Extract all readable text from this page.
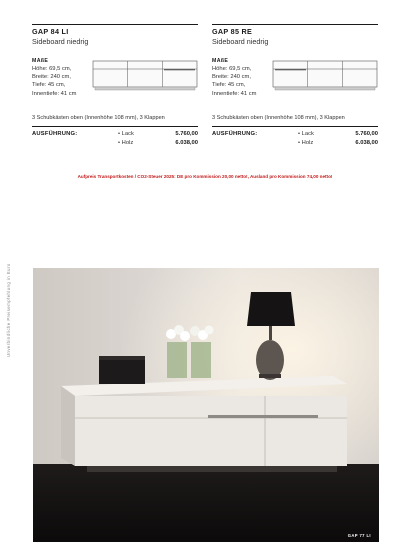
GAP 84 LI
Sideboard niedrig
MAßE
Höhe: 69,5 cm,
Breite: 240 cm,
Tiefe: 45 cm,
Innentiefe: 41 cm
3 Schubkästen oben (Innenhöhe 108 mm), 3 Klappen
AUSFÜHRUNG:	• Lack	5.760,00
• Holz	6.038,00
GAP 85 RE
Sideboard niedrig
MAßE
Höhe: 69,5 cm,
Breite: 240 cm,
Tiefe: 45 cm,
Innentiefe: 41 cm
3 Schubkästen oben (Innenhöhe 108 mm), 3 Klappen
AUSFÜHRUNG:	• Lack	5.760,00
• Holz	6.038,00
Aufpreis Transportkosten / CO2-Steuer 2025: DE pro Kommission 20,00 netto!, Ausland pro Kommission 74,00 netto!
Unverbindliche Preisempfehlung in Euro
GAP 77 LI
